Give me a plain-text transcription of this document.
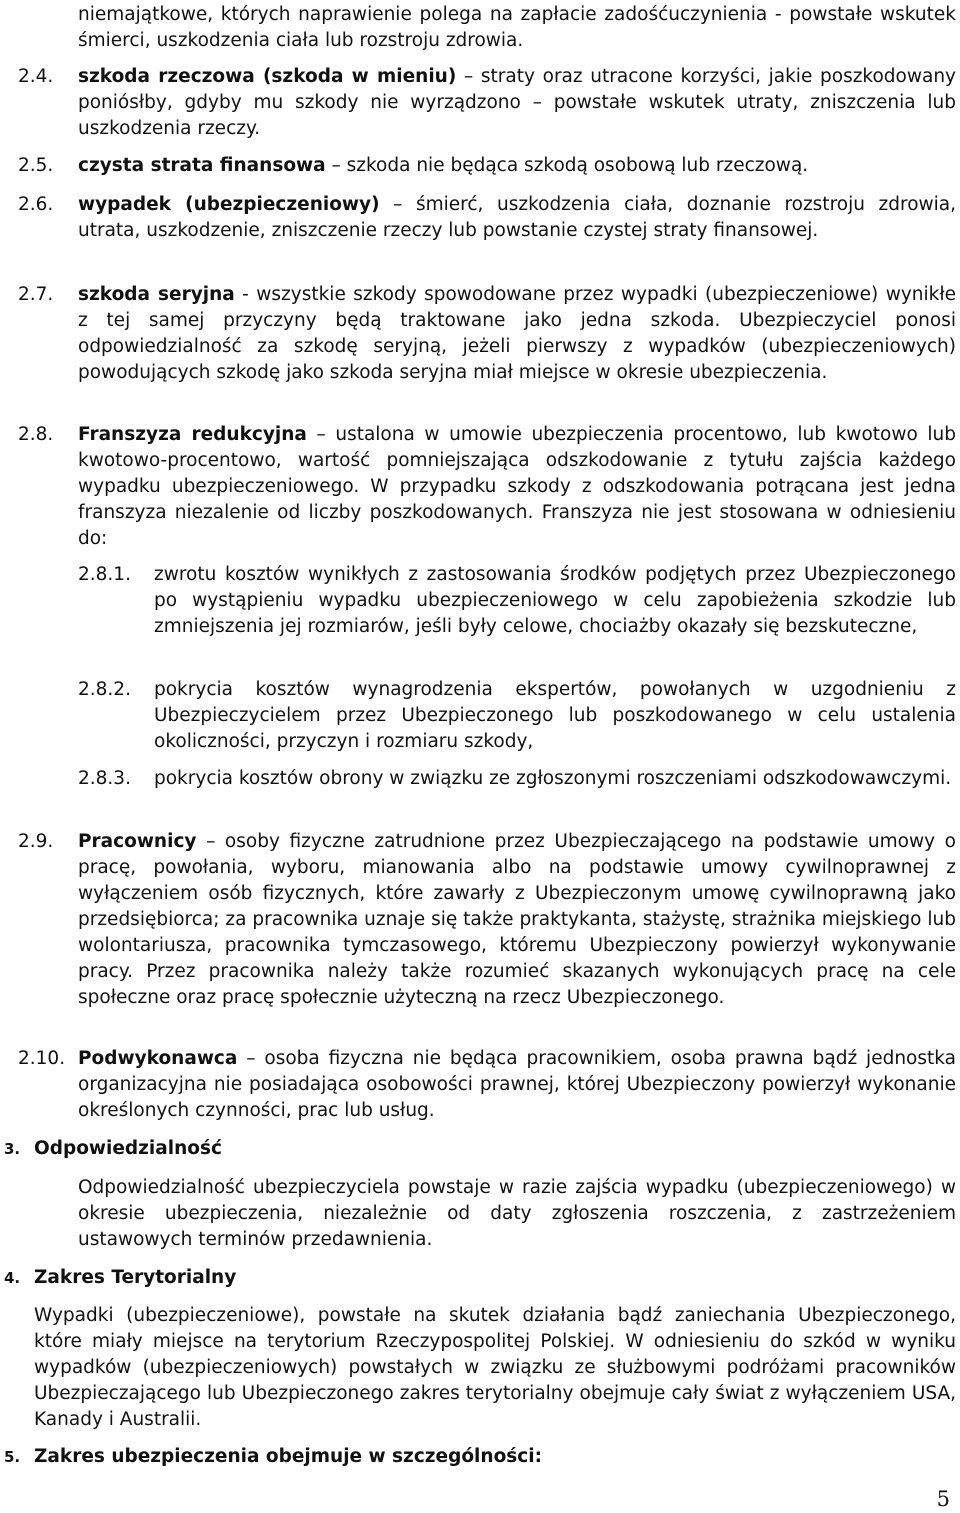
niemajątkowe, których naprawienie polega na zapłacie zadośćuczynienia - powstałe wskutek śmierci, uszkodzenia ciała lub rozstroju zdrowia.
2.4.	szkoda rzeczowa (szkoda w mieniu) – straty oraz utracone korzyści, jakie poszkodowany poniósłby, gdyby mu szkody nie wyrządzono – powstałe wskutek utraty, zniszczenia lub uszkodzenia rzeczy.
2.5.	czysta strata finansowa – szkoda nie będąca szkodą osobową lub rzeczową.
2.6.	wypadek (ubezpieczeniowy) – śmierć, uszkodzenia ciała, doznanie rozstroju zdrowia, utrata, uszkodzenie, zniszczenie rzeczy lub powstanie czystej straty finansowej.
2.7.	szkoda seryjna - wszystkie szkody spowodowane przez wypadki (ubezpieczeniowe) wynikłe z tej samej przyczyny będą traktowane jako jedna szkoda. Ubezpieczyciel ponosi odpowiedzialność za szkodę seryjną, jeżeli pierwszy z wypadków (ubezpieczeniowych) powodujących szkodę jako szkoda seryjna miał miejsce w okresie ubezpieczenia.
2.8.	Franszyza redukcyjna – ustalona w umowie ubezpieczenia procentowo, lub kwotowo lub kwotowo-procentowo, wartość pomniejszająca odszkodowanie z tytułu zajścia każdego wypadku ubezpieczeniowego. W przypadku szkody z odszkodowania potrącana jest jedna franszyza niezalenie od liczby poszkodowanych. Franszyza nie jest stosowana w odniesieniu do:
2.8.1.	zwrotu kosztów wynikłych z zastosowania środków podjętych przez Ubezpieczonego po wystąpieniu wypadku ubezpieczeniowego w celu zapobieżenia szkodzie lub zmniejszenia jej rozmiarów, jeśli były celowe, chociażby okazały się bezskuteczne,
2.8.2.	pokrycia kosztów wynagrodzenia ekspertów, powołanych w uzgodnieniu z Ubezpieczycielem przez Ubezpieczonego lub poszkodowanego w celu ustalenia okoliczności, przyczyn i rozmiaru szkody,
2.8.3.	pokrycia kosztów obrony w związku ze zgłoszonymi roszczeniami odszkodowawczymi.
2.9.	Pracownicy – osoby fizyczne zatrudnione przez Ubezpieczającego na podstawie umowy o pracę, powołania, wyboru, mianowania albo na podstawie umowy cywilnoprawnej z wyłączeniem osób fizycznych, które zawarły z Ubezpieczonym umowę cywilnoprawną jako przedsiębiorca; za pracownika uznaje się także praktykanta, stażystę, strażnika miejskiego lub wolontariusza, pracownika tymczasowego, któremu Ubezpieczony powierzył wykonywanie pracy. Przez pracownika należy także rozumieć skazanych wykonujących pracę na cele społeczne oraz pracę społecznie użyteczną na rzecz Ubezpieczonego.
2.10. Podwykonawca – osoba fizyczna nie będąca pracownikiem, osoba prawna bądź jednostka organizacyjna nie posiadająca osobowości prawnej, której Ubezpieczony powierzył wykonanie określonych czynności, prac lub usług.
3. Odpowiedzialność
Odpowiedzialność ubezpieczyciela powstaje w razie zajścia wypadku (ubezpieczeniowego) w okresie ubezpieczenia, niezależnie od daty zgłoszenia roszczenia, z zastrzeżeniem ustawowych terminów przedawnienia.
4. Zakres Terytorialny
Wypadki (ubezpieczeniowe), powstałe na skutek działania bądź zaniechania Ubezpieczonego, które miały miejsce na terytorium Rzeczypospolitej Polskiej. W odniesieniu do szkód w wyniku wypadków (ubezpieczeniowych) powstałych w związku ze służbowymi podróżami pracowników Ubezpieczającego lub Ubezpieczonego zakres terytorialny obejmuje cały świat z wyłączeniem USA, Kanady i Australii.
5. Zakres ubezpieczenia obejmuje w szczególności:
5
